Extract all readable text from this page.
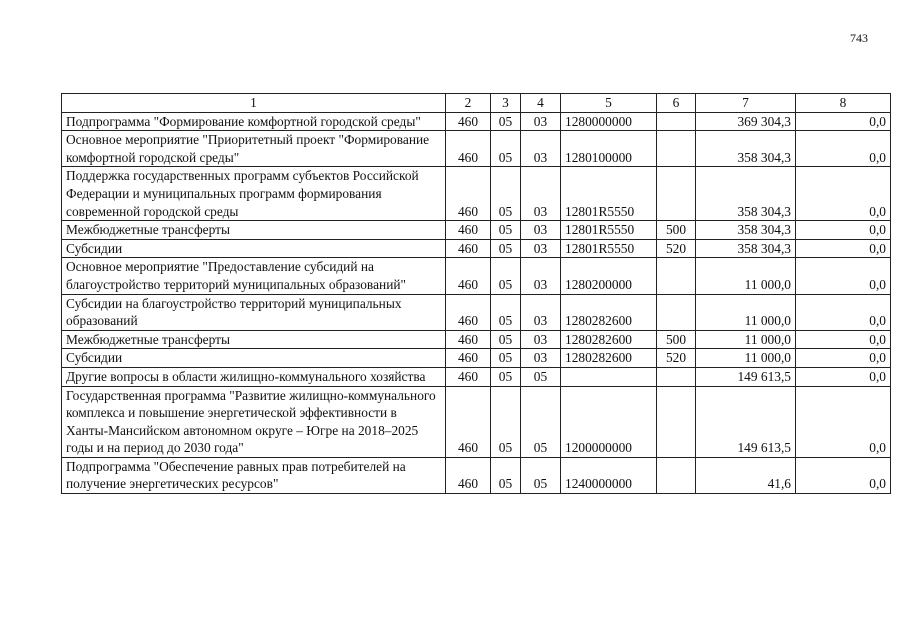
743
1	2	3	4	5	6	7	8
Подпрограмма "Формирование комфортной городской среды"	460	05	03	1280000000		369 304,3	0,0
Основное мероприятие "Приоритетный проект "Формирование комфортной городской среды"	460	05	03	1280100000		358 304,3	0,0
Поддержка государственных программ субъектов Российской Федерации и муниципальных программ формирования современной городской среды	460	05	03	12801R5550		358 304,3	0,0
Межбюджетные трансферты	460	05	03	12801R5550	500	358 304,3	0,0
Субсидии	460	05	03	12801R5550	520	358 304,3	0,0
Основное мероприятие "Предоставление субсидий на благоустройство территорий муниципальных образований"	460	05	03	1280200000		11 000,0	0,0
Субсидии на благоустройство территорий муниципальных образований	460	05	03	1280282600		11 000,0	0,0
Межбюджетные трансферты	460	05	03	1280282600	500	11 000,0	0,0
Субсидии	460	05	03	1280282600	520	11 000,0	0,0
Другие вопросы в области жилищно-коммунального хозяйства	460	05	05			149 613,5	0,0
Государственная программа "Развитие жилищно-коммунального комплекса и повышение энергетической эффективности в Ханты-Мансийском автономном округе – Югре на 2018–2025 годы и на период до 2030 года"	460	05	05	1200000000		149 613,5	0,0
Подпрограмма "Обеспечение равных прав потребителей на получение энергетических ресурсов"	460	05	05	1240000000		41,6	0,0
